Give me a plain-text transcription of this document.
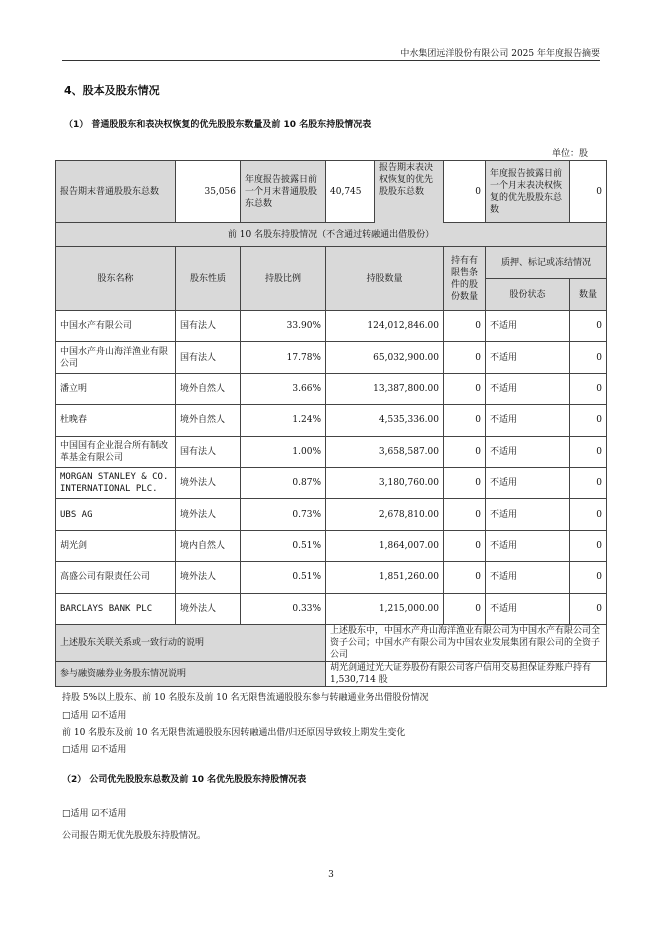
中水集团远洋股份有限公司 2025 年年度报告摘要
4、股本及股东情况
（1） 普通股股东和表决权恢复的优先股股东数量及前 10 名股东持股情况表
单位：股
报告期末普通股股东总数	35,056	年度报告披露日前一个月末普通股股东总数	40,745
报告期末表决权恢复的优先股股东总数	0	年度报告披露日前一个月末表决权恢复的优先股股东总数	0
前 10 名股东持股情况（不含通过转融通出借股份）						
股东名称	股东性质	持股比例	持股数量	持有有限售条件的股份数量	质押、标记或冻结情况	
					股份状态	数量
中国水产有限公司	国有法人	33.90%	124,012,846.00	0	不适用	0
中国水产舟山海洋渔业有限公司	国有法人	17.78%	65,032,900.00	0	不适用	0
潘立明	境外自然人	3.66%	13,387,800.00	0	不适用	0
杜晚春	境外自然人	1.24%	4,535,336.00	0	不适用	0
中国国有企业混合所有制改革基金有限公司	国有法人	1.00%	3,658,587.00	0	不适用	0
MORGAN STANLEY & CO. INTERNATIONAL PLC.	境外法人	0.87%	3,180,760.00	0	不适用	0
UBS AG	境外法人	0.73%	2,678,810.00	0	不适用	0
胡光剑	境内自然人	0.51%	1,864,007.00	0	不适用	0
高盛公司有限责任公司	境外法人	0.51%	1,851,260.00	0	不适用	0
BARCLAYS BANK PLC	境外法人	0.33%	1,215,000.00	0	不适用	0
上述股东关联关系或一致行动的说明			上述股东中，中国水产舟山海洋渔业有限公司为中国水产有限公司全资子公司；中国水产有限公司为中国农业发展集团有限公司的全资子公司			
参与融资融券业务股东情况说明			胡光剑通过光大证券股份有限公司客户信用交易担保证券账户持有 1,530,714 股			
持股 5%以上股东、前 10 名股东及前 10 名无限售流通股股东参与转融通业务出借股份情况
□适用 ☑不适用
前 10 名股东及前 10 名无限售流通股股东因转融通出借/归还原因导致较上期发生变化
□适用 ☑不适用
（2） 公司优先股股东总数及前 10 名优先股股东持股情况表
□适用 ☑不适用
公司报告期无优先股股东持股情况。
3
